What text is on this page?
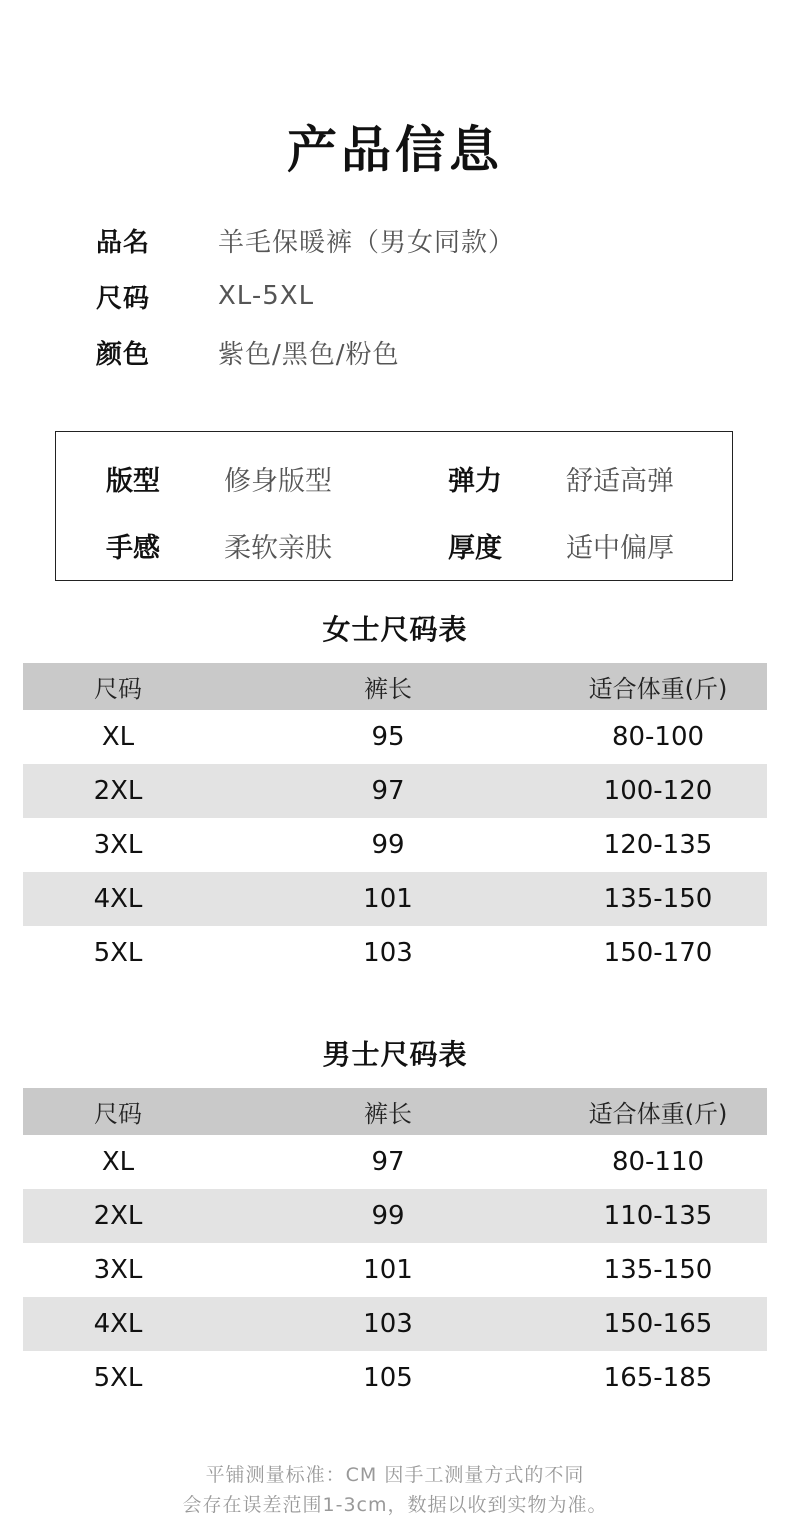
产品信息
品名	羊毛保暖裤（男女同款）
尺码	XL-5XL
颜色	紫色/黑色/粉色
版型 修身版型	弹力 舒适高弹
手感 柔软亲肤	厚度 适中偏厚
女士尺码表
尺码	裤长	适合体重(斤)
XL	95	80-100
2XL	97	100-120
3XL	99	120-135
4XL	101	135-150
5XL	103	150-170
男士尺码表
尺码	裤长	适合体重(斤)
XL	97	80-110
2XL	99	110-135
3XL	101	135-150
4XL	103	150-165
5XL	105	165-185
平铺测量标准：CM 因手工测量方式的不同
会存在误差范围1-3cm，数据以收到实物为准。
